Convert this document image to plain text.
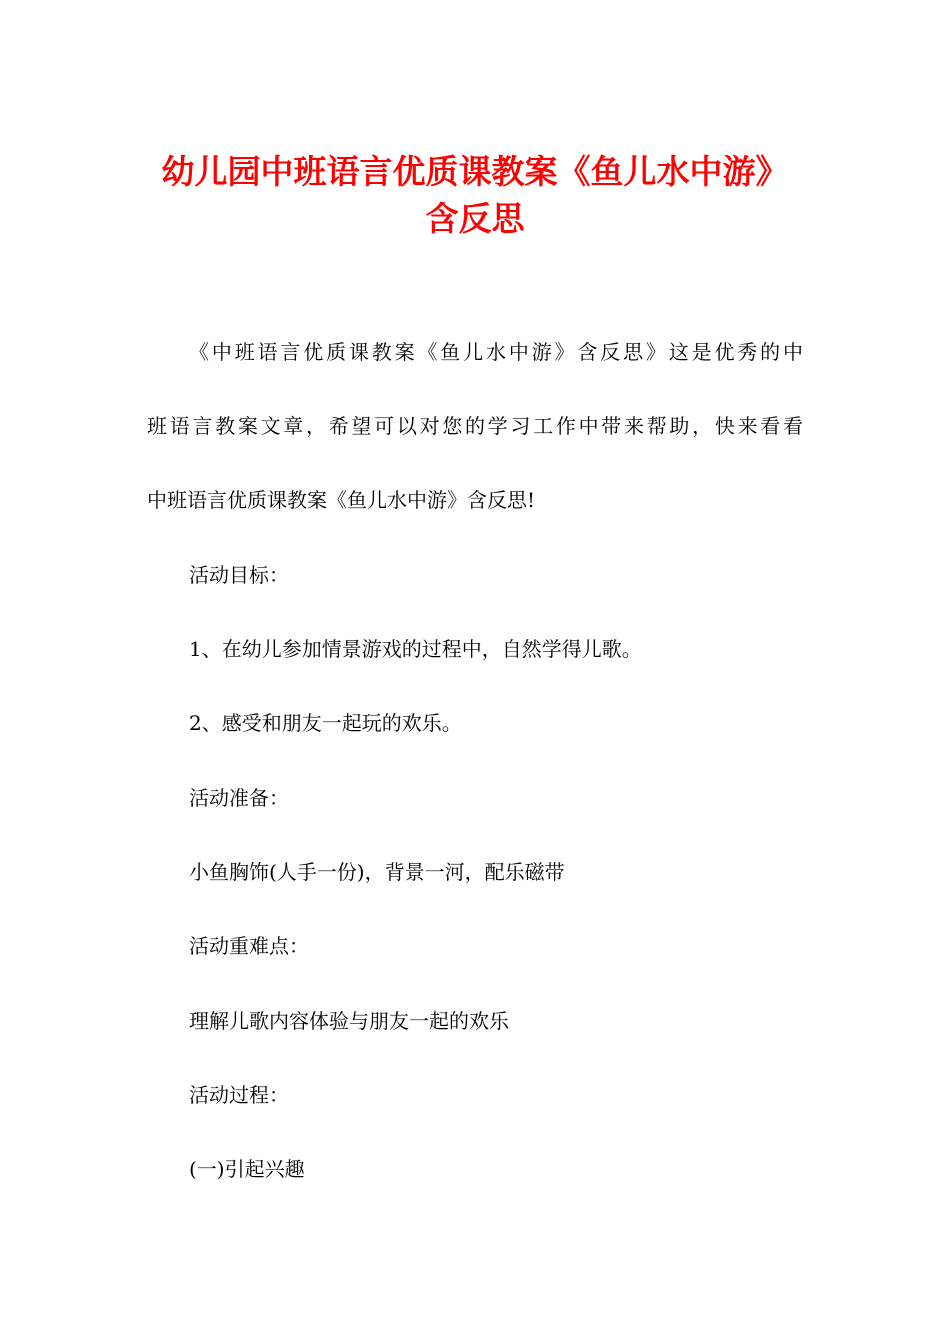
幼儿园中班语言优质课教案《鱼儿水中游》
含反思

《中班语言优质课教案《鱼儿水中游》含反思》这是优秀的中

班语言教案文章，希望可以对您的学习工作中带来帮助，快来看看

中班语言优质课教案《鱼儿水中游》含反思!

活动目标：

1、在幼儿参加情景游戏的过程中，自然学得儿歌。

2、感受和朋友一起玩的欢乐。

活动准备：

小鱼胸饰(人手一份)，背景一河，配乐磁带

活动重难点：

理解儿歌内容体验与朋友一起的欢乐

活动过程：

(一)引起兴趣
